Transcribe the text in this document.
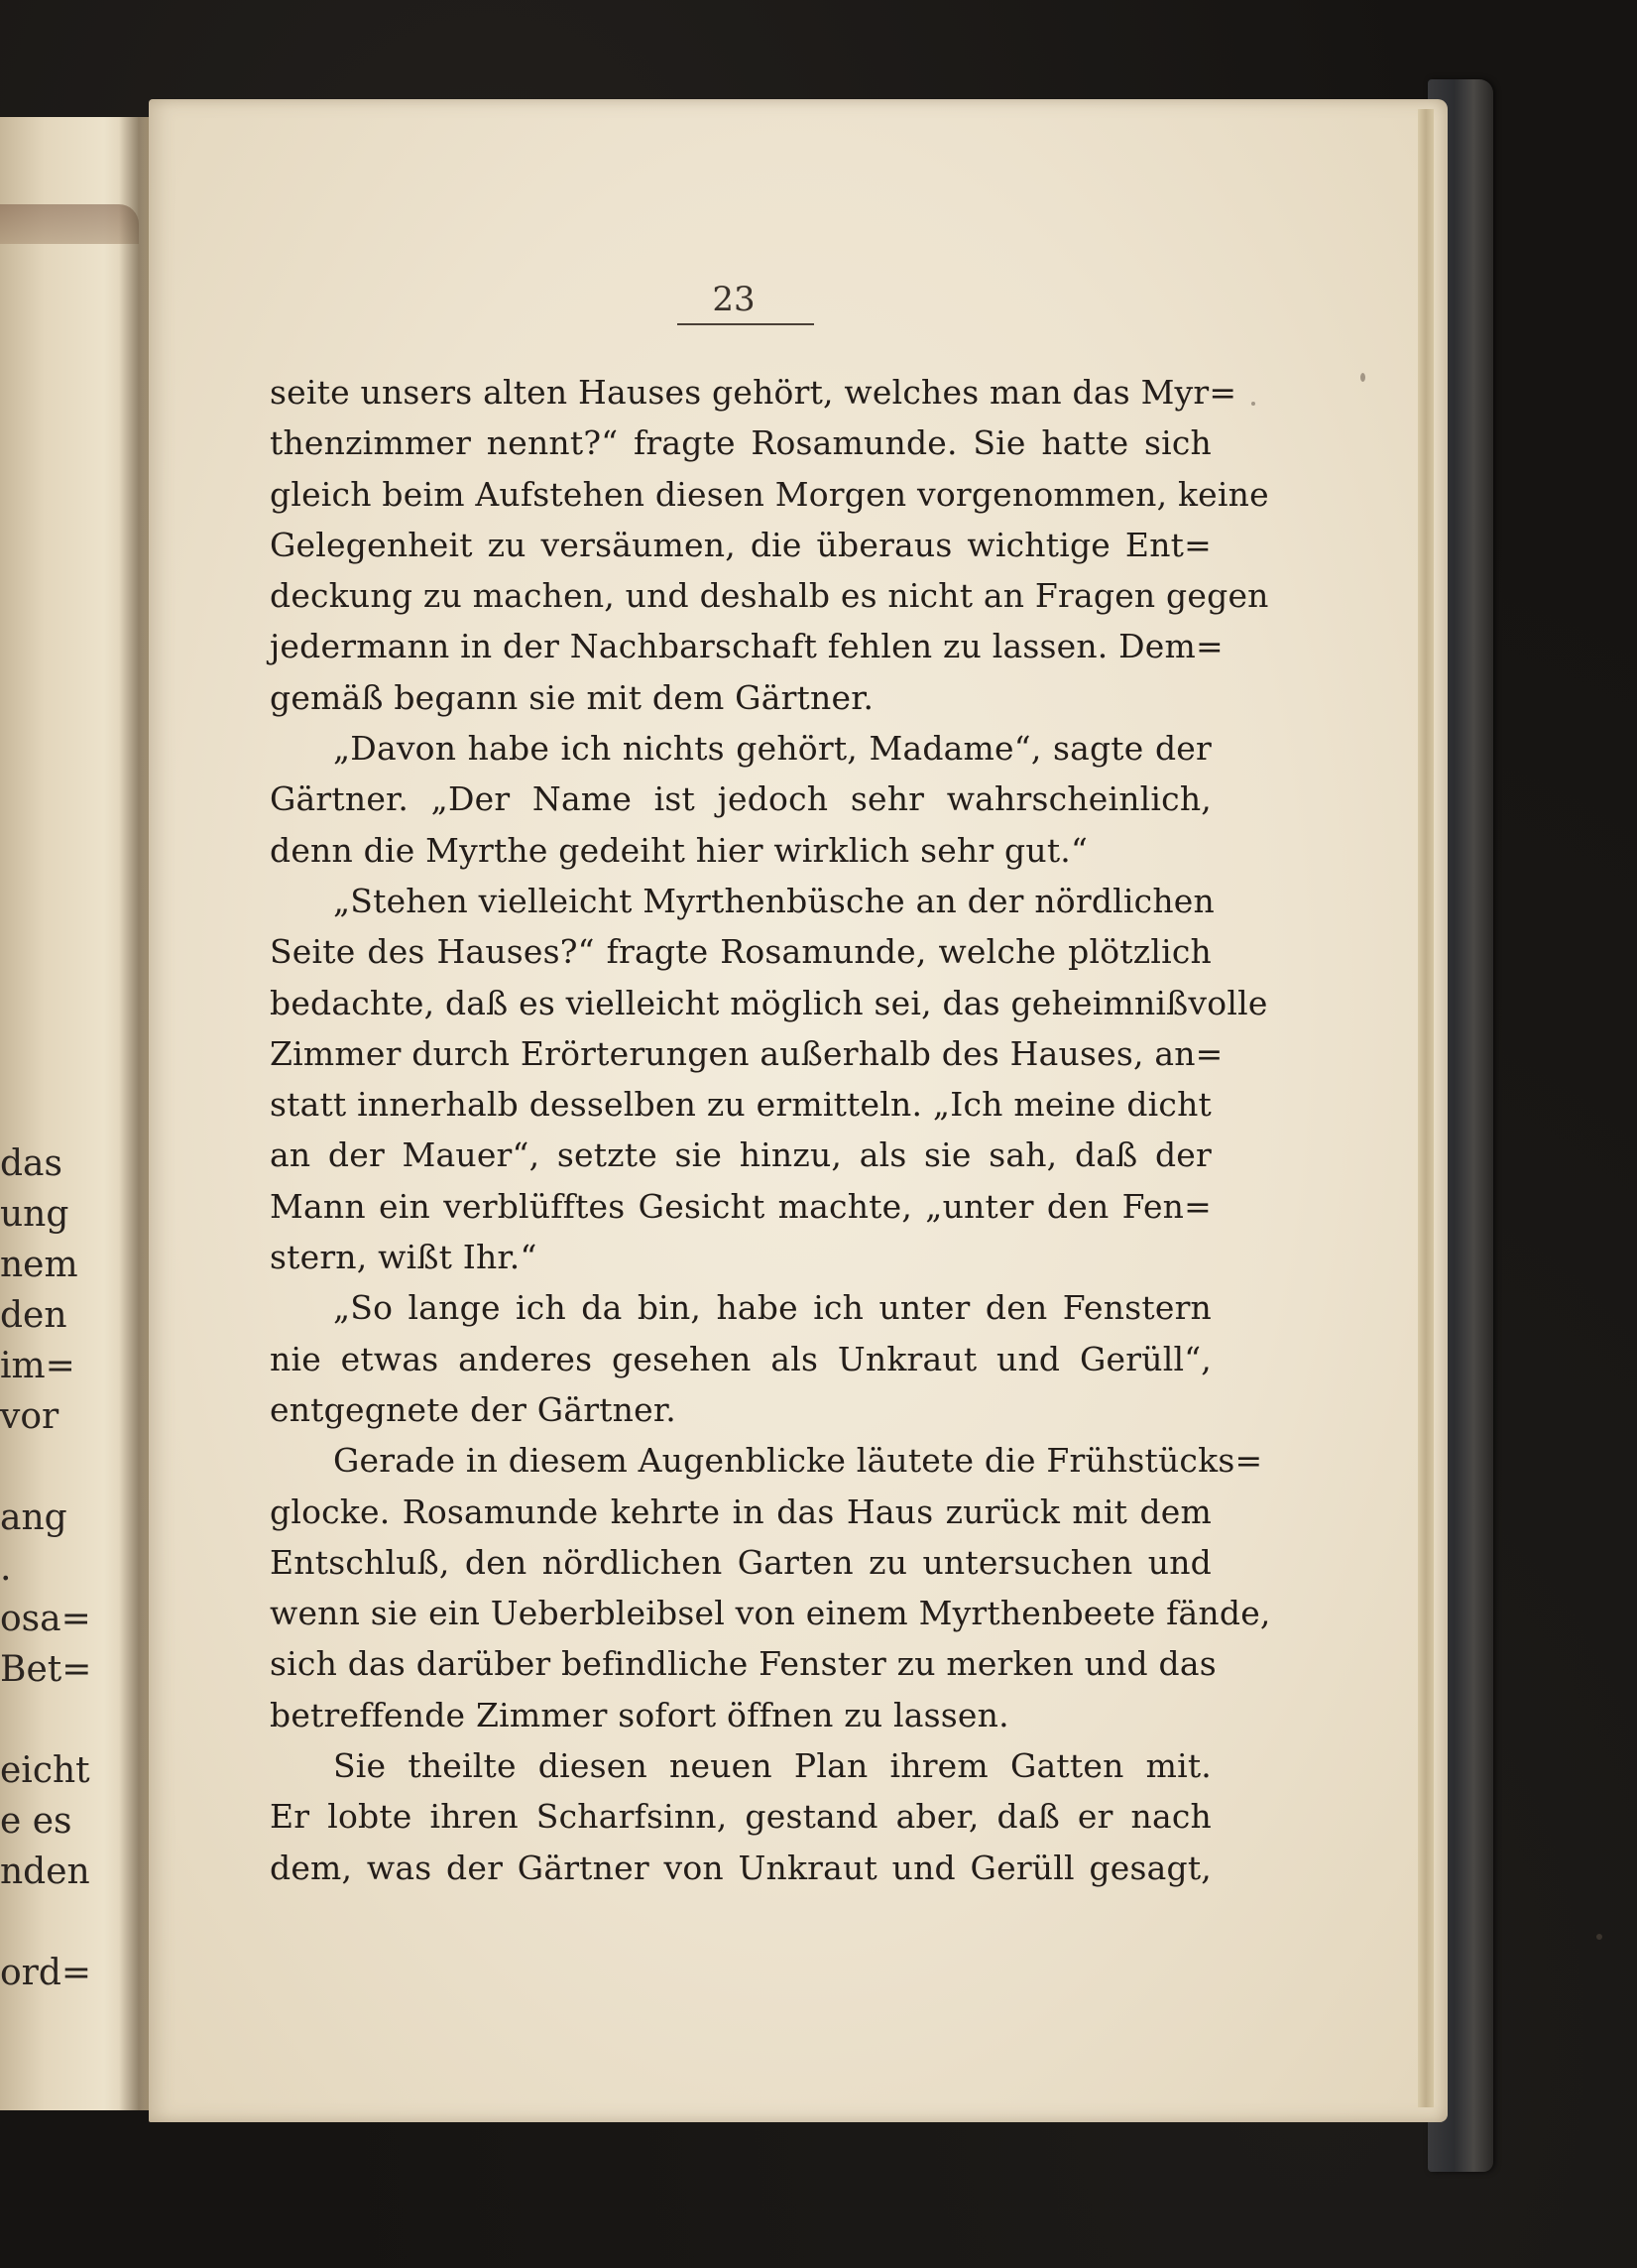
das
ung
nem
den
im=
vor
ang
.
osa=
Bet=
eicht
e es
nden
ord=
23
seite unsers alten Hauses gehört, welches man das Myr=
thenzimmer nennt?“ fragte Rosamunde. Sie hatte sich
gleich beim Aufstehen diesen Morgen vorgenommen, keine
Gelegenheit zu versäumen, die überaus wichtige Ent=
deckung zu machen, und deshalb es nicht an Fragen gegen
jedermann in der Nachbarschaft fehlen zu lassen. Dem=
gemäß begann sie mit dem Gärtner.
„Davon habe ich nichts gehört, Madame“, sagte der
Gärtner. „Der Name ist jedoch sehr wahrscheinlich,
denn die Myrthe gedeiht hier wirklich sehr gut.“
„Stehen vielleicht Myrthenbüsche an der nördlichen
Seite des Hauses?“ fragte Rosamunde, welche plötzlich
bedachte, daß es vielleicht möglich sei, das geheimnißvolle
Zimmer durch Erörterungen außerhalb des Hauses, an=
statt innerhalb desselben zu ermitteln. „Ich meine dicht
an der Mauer“, setzte sie hinzu, als sie sah, daß der
Mann ein verblüfftes Gesicht machte, „unter den Fen=
stern, wißt Ihr.“
„So lange ich da bin, habe ich unter den Fenstern
nie etwas anderes gesehen als Unkraut und Gerüll“,
entgegnete der Gärtner.
Gerade in diesem Augenblicke läutete die Frühstücks=
glocke. Rosamunde kehrte in das Haus zurück mit dem
Entschluß, den nördlichen Garten zu untersuchen und
wenn sie ein Ueberbleibsel von einem Myrthenbeete fände,
sich das darüber befindliche Fenster zu merken und das
betreffende Zimmer sofort öffnen zu lassen.
Sie theilte diesen neuen Plan ihrem Gatten mit.
Er lobte ihren Scharfsinn, gestand aber, daß er nach
dem, was der Gärtner von Unkraut und Gerüll gesagt,
